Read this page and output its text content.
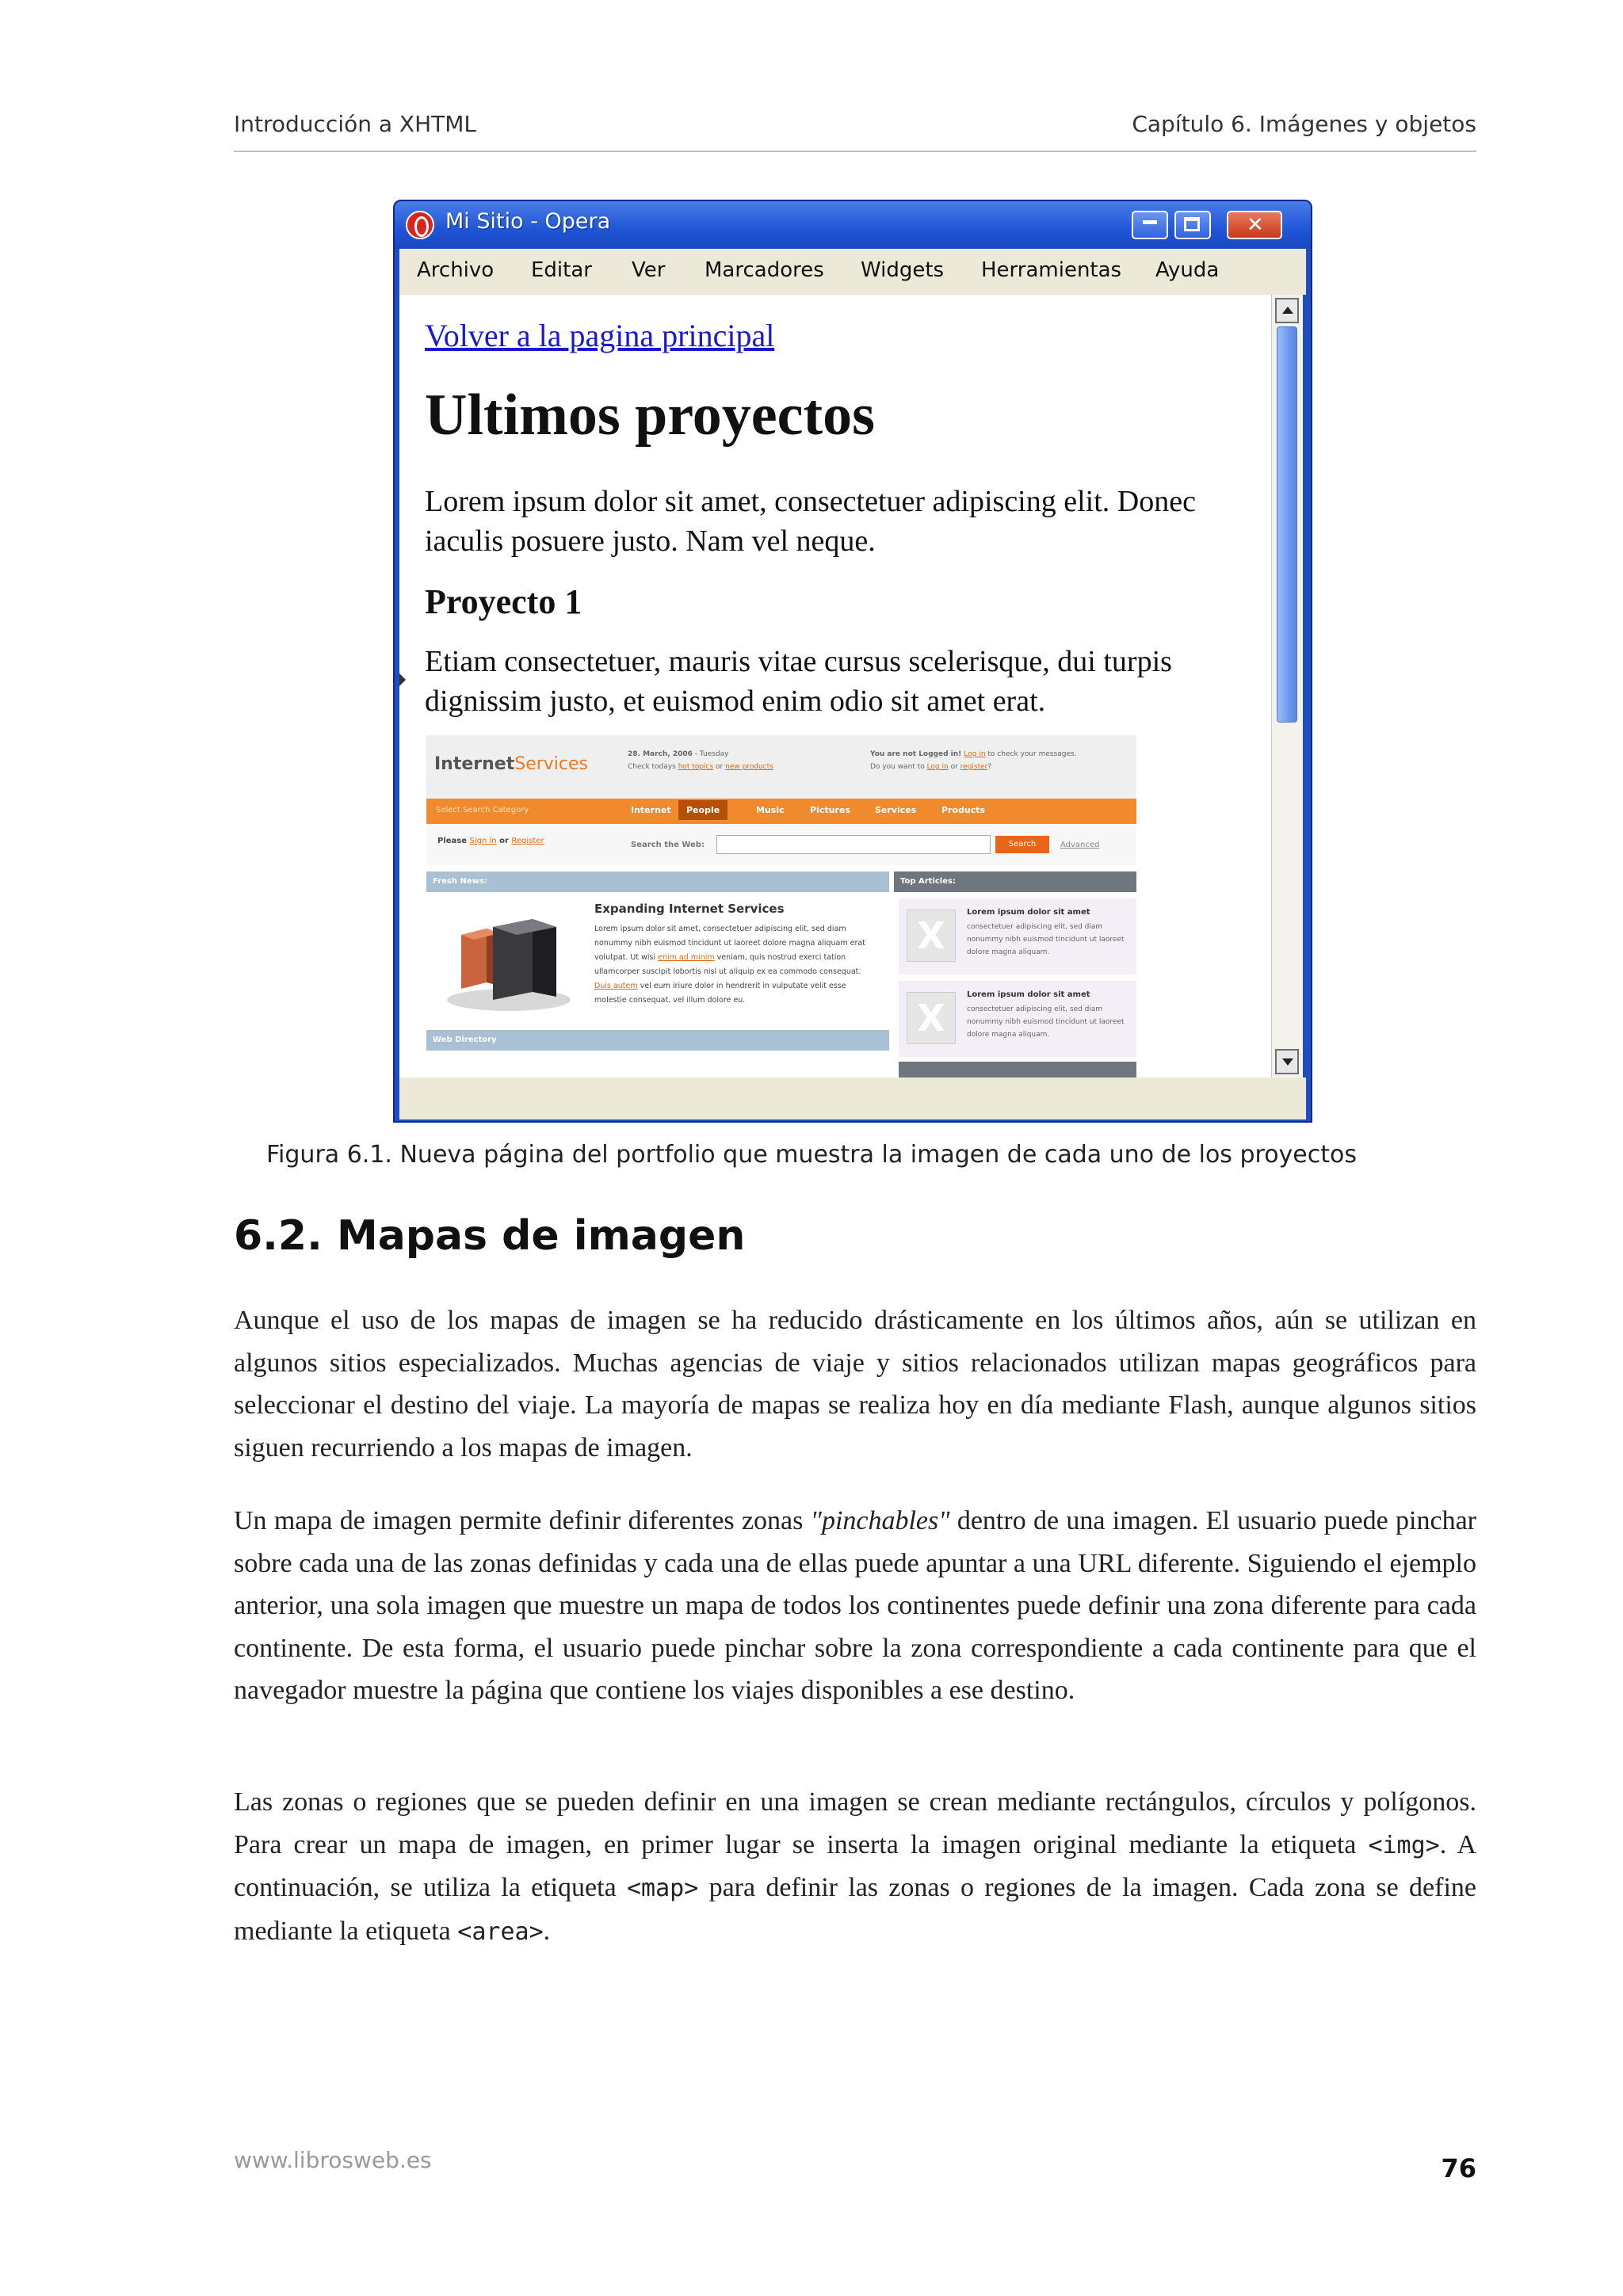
Introducción a XHTML	Capítulo 6. Imágenes y objetos
Mi Sitio - Opera	✕
Archivo Editar Ver Marcadores Widgets Herramientas Ayuda
Volver a la pagina principal
Ultimos proyectos

Lorem ipsum dolor sit amet, consectetuer adipiscing elit. Donec iaculis posuere justo. Nam vel neque.

Proyecto 1

Etiam consectetuer, mauris vitae cursus scelerisque, dui turpis dignissim justo, et euismod enim odio sit amet erat.

InternetServices	28. March, 2006 - Tuesday
Check todays hot topics or new products
You are not Logged in! Log in to check your messages.
Do you want to Log in or register?
Select Search Category	Internet	People	Music	Pictures	Services	Products
Please Sign in or Register	Search the Web:	Search	Advanced
Fresh News:	Top Articles:
Expanding Internet Services
Lorem ipsum dolor sit amet, consectetuer adipiscing elit, sed diam nonummy nibh euismod tincidunt ut laoreet dolore magna aliquam erat volutpat. Ut wisi enim ad minim veniam, quis nostrud exerci tation ullamcorper suscipit lobortis nisl ut aliquip ex ea commodo consequat. Duis autem vel eum iriure dolor in hendrerit in vulputate velit esse molestie consequat, vel illum dolore eu.
X
Lorem ipsum dolor sit amet
consectetuer adipiscing elit, sed diam nonummy nibh euismod tincidunt ut laoreet dolore magna aliquam.
X
Lorem ipsum dolor sit amet
consectetuer adipiscing elit, sed diam nonummy nibh euismod tincidunt ut laoreet dolore magna aliquam.
Web Directory
Figura 6.1. Nueva página del portfolio que muestra la imagen de cada uno de los proyectos
6.2. Mapas de imagen

Aunque el uso de los mapas de imagen se ha reducido drásticamente en los últimos años, aún se utilizan en algunos sitios especializados. Muchas agencias de viaje y sitios relacionados utilizan mapas geográficos para seleccionar el destino del viaje. La mayoría de mapas se realiza hoy en día mediante Flash, aunque algunos sitios siguen recurriendo a los mapas de imagen.

Un mapa de imagen permite definir diferentes zonas "pinchables" dentro de una imagen. El usuario puede pinchar sobre cada una de las zonas definidas y cada una de ellas puede apuntar a una URL diferente. Siguiendo el ejemplo anterior, una sola imagen que muestre un mapa de todos los continentes puede definir una zona diferente para cada continente. De esta forma, el usuario puede pinchar sobre la zona correspondiente a cada continente para que el navegador muestre la página que contiene los viajes disponibles a ese destino.

Las zonas o regiones que se pueden definir en una imagen se crean mediante rectángulos, círculos y polígonos. Para crear un mapa de imagen, en primer lugar se inserta la imagen original mediante la etiqueta <img>. A continuación, se utiliza la etiqueta <map> para definir las zonas o regiones de la imagen. Cada zona se define mediante la etiqueta <area>.

www.librosweb.es	76
